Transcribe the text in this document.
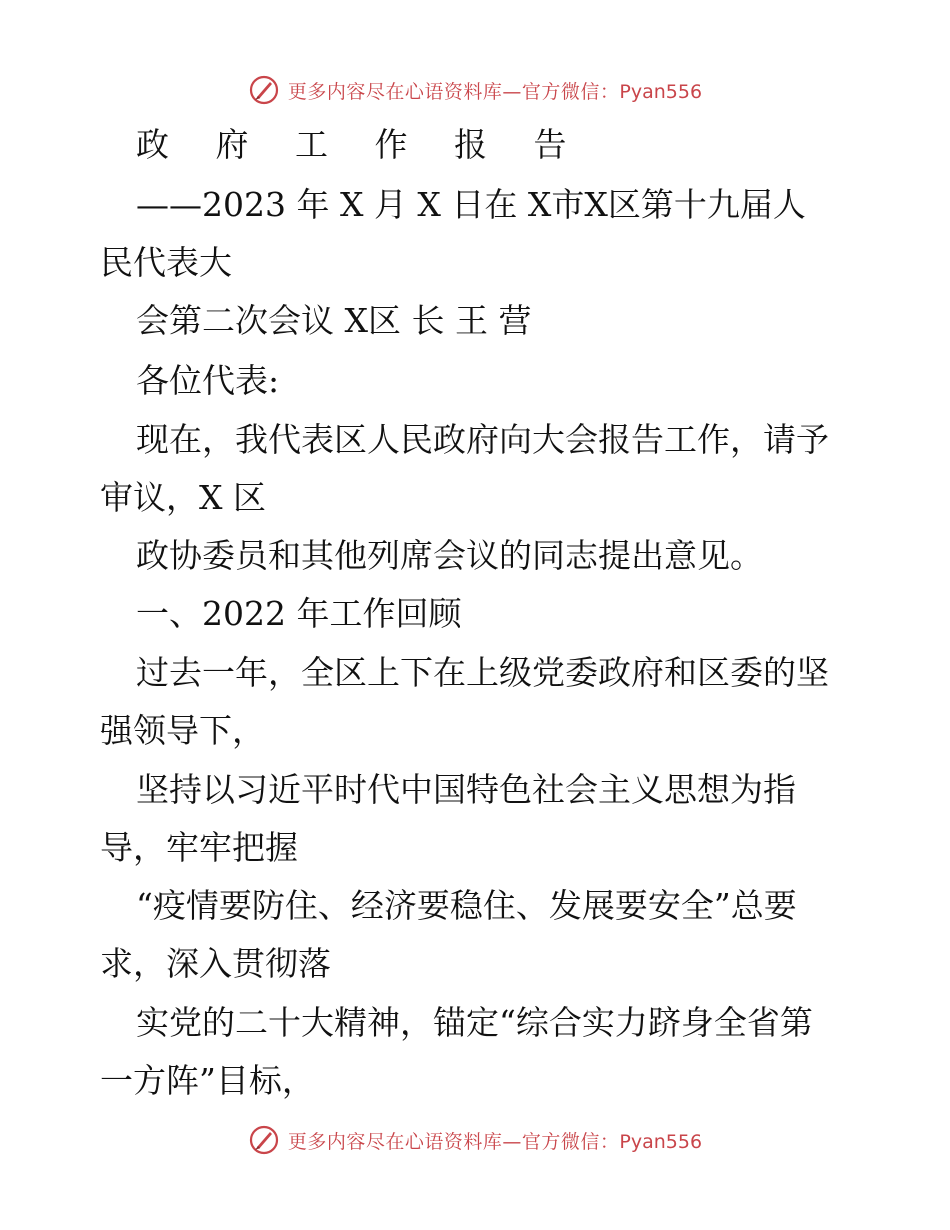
更多内容尽在心语资料库—官方微信：Pyan556
政 府 工 作 报 告
——2023 年 X 月 X 日在 X市X区第十九届人
民代表大
会第二次会议 X区 长 王 营
各位代表:
现在，我代表区人民政府向大会报告工作，请予
审议，X 区
政协委员和其他列席会议的同志提出意见。
一、2022 年工作回顾
过去一年，全区上下在上级党委政府和区委的坚
强领导下，
坚持以习近平时代中国特色社会主义思想为指
导，牢牢把握
“疫情要防住、经济要稳住、发展要安全”总要
求，深入贯彻落
实党的二十大精神，锚定“综合实力跻身全省第
一方阵”目标，
更多内容尽在心语资料库—官方微信：Pyan556
